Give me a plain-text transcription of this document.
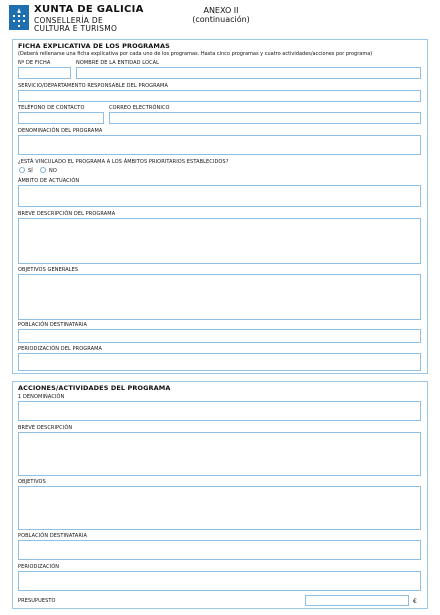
XUNTA DE GALICIA
CONSELLERÍA DE
CULTURA E TURISMO
ANEXO II
(continuación)
FICHA EXPLICATIVA DE LOS PROGRAMAS
(Deberá rellenarse una ficha explicativa por cada uno de los programas. Hasta cinco programas y cuatro actividades/acciones por programa)
Nº DE FICHA	NOMBRE DE LA ENTIDAD LOCAL
SERVICIO/DEPARTAMENTO RESPONSABLE DEL PROGRAMA
TELÉFONO DE CONTACTO	CORREO ELECTRÓNICO
DENOMINACIÓN DEL PROGRAMA
¿ESTÁ VINCULADO EL PROGRAMA A LOS ÁMBITOS PRIORITARIOS ESTABLECIDOS?
SÍ	NO
ÁMBITO DE ACTUACIÓN
BREVE DESCRIPCIÓN DEL PROGRAMA
OBJETIVOS GENERALES
POBLACIÓN DESTINATARIA
PERIODIZACIÓN DEL PROGRAMA
ACCIONES/ACTIVIDADES DEL PROGRAMA
1 DENOMINACIÓN
BREVE DESCRIPCIÓN
OBJETIVOS
POBLACIÓN DESTINATARIA
PERIODIZACIÓN
PRESUPUESTO	€
